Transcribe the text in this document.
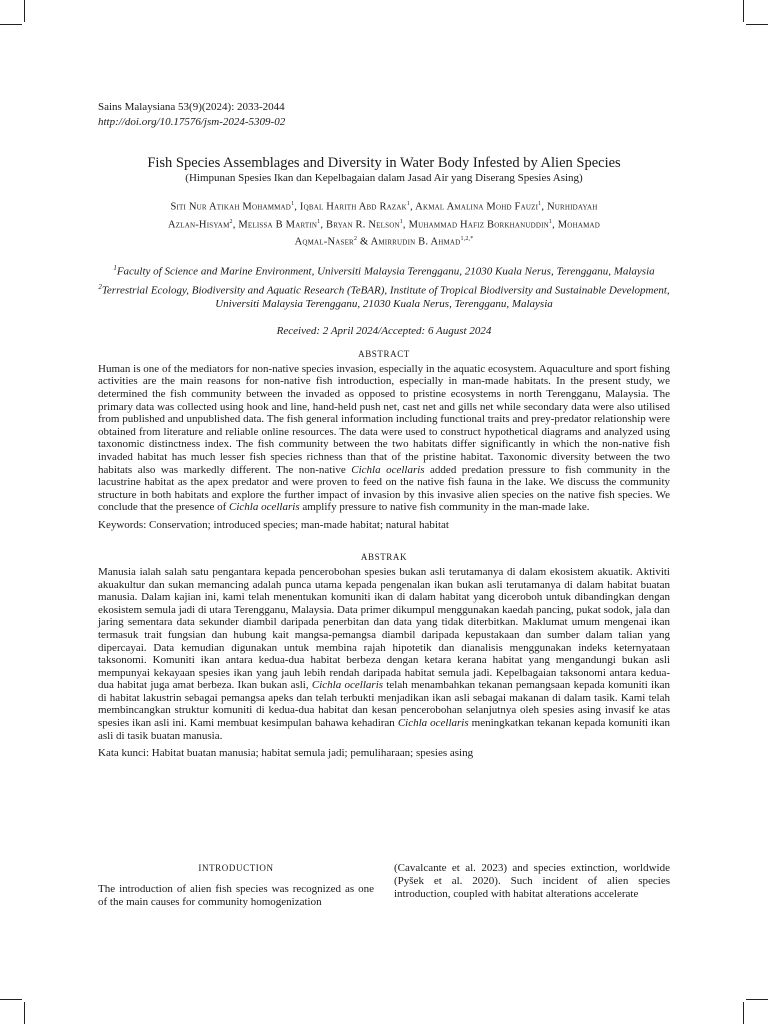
Sains Malaysiana 53(9)(2024): 2033-2044
http://doi.org/10.17576/jsm-2024-5309-02
Fish Species Assemblages and Diversity in Water Body Infested by Alien Species
(Himpunan Spesies Ikan dan Kepelbagaian dalam Jasad Air yang Diserang Spesies Asing)
Siti Nur Atikah Mohammad$^1$, Iqbal Harith Abd Razak$^1$, Akmal Amalina Mohd Fauzi$^1$, Nurhidayah
Azlan-Hisyam$^2$, Melissa B Martin$^1$, Bryan R. Nelson$^1$, Muhammad Hafiz Borkhanuddin$^1$, Mohamad
Aqmal-Naser$^2$ & Amirrudin B. Ahmad$^{1,2,*}$

$^1$Faculty of Science and Marine Environment, Universiti Malaysia Terengganu, 21030 Kuala Nerus, Terengganu, Malaysia

$^2$Terrestrial Ecology, Biodiversity and Aquatic Research (TeBAR), Institute of Tropical Biodiversity and Sustainable Development, Universiti Malaysia Terengganu, 21030 Kuala Nerus, Terengganu, Malaysia

Received: 2 April 2024/Accepted: 6 August 2024
ABSTRACT

Human is one of the mediators for non-native species invasion, especially in the aquatic ecosystem. Aquaculture and sport fishing activities are the main reasons for non-native fish introduction, especially in man-made habitats. In the present study, we determined the fish community between the invaded as opposed to pristine ecosystems in north Terengganu, Malaysia. The primary data was collected using hook and line, hand-held push net, cast net and gills net while secondary data were also utilised from published and unpublished data. The fish general information including functional traits and prey-predator relationship were obtained from literature and reliable online resources. The data were used to construct hypothetical diagrams and analyzed using taxonomic distinctness index. The fish community between the two habitats differ significantly in which the non-native fish invaded habitat has much lesser fish species richness than that of the pristine habitat. Taxonomic diversity between the two habitats also was markedly different. The non-native Cichla ocellaris added predation pressure to fish community in the lacustrine habitat as the apex predator and were proven to feed on the native fish fauna in the lake. We discuss the community structure in both habitats and explore the further impact of invasion by this invasive alien species on the native fish species. We conclude that the presence of Cichla ocellaris amplify pressure to native fish community in the man-made lake.

Keywords: Conservation; introduced species; man-made habitat; natural habitat
ABSTRAK

Manusia ialah salah satu pengantara kepada pencerobohan spesies bukan asli terutamanya di dalam ekosistem akuatik. Aktiviti akuakultur dan sukan memancing adalah punca utama kepada pengenalan ikan bukan asli terutamanya di dalam habitat buatan manusia. Dalam kajian ini, kami telah menentukan komuniti ikan di dalam habitat yang diceroboh untuk dibandingkan dengan ekosistem semula jadi di utara Terengganu, Malaysia. Data primer dikumpul menggunakan kaedah pancing, pukat sodok, jala dan jaring sementara data sekunder diambil daripada penerbitan dan data yang tidak diterbitkan. Maklumat umum mengenai ikan termasuk trait fungsian dan hubung kait mangsa-pemangsa diambil daripada kepustakaan dan sumber dalam talian yang dipercayai. Data kemudian digunakan untuk membina rajah hipotetik dan dianalisis menggunakan indeks keternyataan taksonomi. Komuniti ikan antara kedua-dua habitat berbeza dengan ketara kerana habitat yang mengandungi bukan asli mempunyai kekayaan spesies ikan yang jauh lebih rendah daripada habitat semula jadi. Kepelbagaian taksonomi antara kedua-dua habitat juga amat berbeza. Ikan bukan asli, Cichla ocellaris telah menambahkan tekanan pemangsaan kepada komuniti ikan di habitat lakustrin sebagai pemangsa apeks dan telah terbukti menjadikan ikan asli sebagai makanan di dalam tasik. Kami telah membincangkan struktur komuniti di kedua-dua habitat dan kesan pencerobohan selanjutnya oleh spesies asing invasif ke atas spesies ikan asli ini. Kami membuat kesimpulan bahawa kehadiran Cichla ocellaris meningkatkan tekanan kepada komuniti ikan asli di tasik buatan manusia.

Kata kunci: Habitat buatan manusia; habitat semula jadi; pemuliharaan; spesies asing
INTRODUCTION
The introduction of alien fish species was recognized as one of the main causes for community homogenization
(Cavalcante et al. 2023) and species extinction, worldwide (Pyšek et al. 2020). Such incident of alien species introduction, coupled with habitat alterations accelerate
